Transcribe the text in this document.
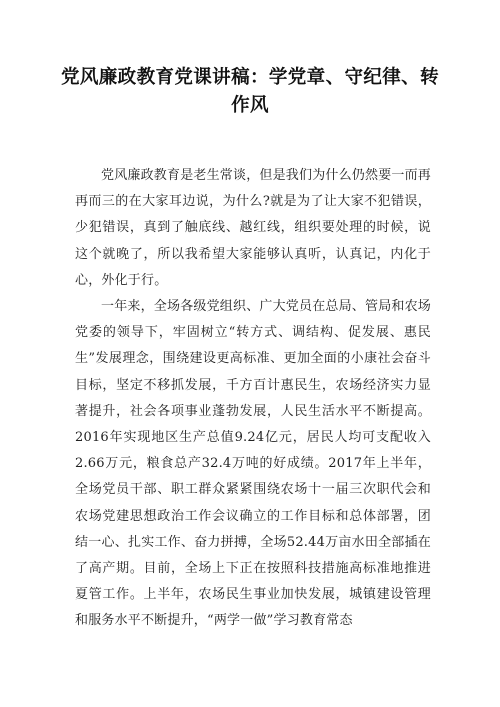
党风廉政教育党课讲稿：学党章、守纪律、转作风

党风廉政教育是老生常谈，但是我们为什么仍然要一而再再而三的在大家耳边说，为什么?就是为了让大家不犯错误，少犯错误，真到了触底线、越红线，组织要处理的时候，说这个就晚了，所以我希望大家能够认真听，认真记，内化于心，外化于行。

一年来，全场各级党组织、广大党员在总局、管局和农场党委的领导下，牢固树立“转方式、调结构、促发展、惠民生”发展理念，围绕建设更高标准、更加全面的小康社会奋斗目标，坚定不移抓发展，千方百计惠民生，农场经济实力显著提升，社会各项事业蓬勃发展，人民生活水平不断提高。2016年实现地区生产总值9.24亿元，居民人均可支配收入2.66万元，粮食总产32.4万吨的好成绩。2017年上半年，全场党员干部、职工群众紧紧围绕农场十一届三次职代会和农场党建思想政治工作会议确立的工作目标和总体部署，团结一心、扎实工作、奋力拼搏，全场52.44万亩水田全部插在了高产期。目前，全场上下正在按照科技措施高标准地推进夏管工作。上半年，农场民生事业加快发展，城镇建设管理和服务水平不断提升，“两学一做”学习教育常态
